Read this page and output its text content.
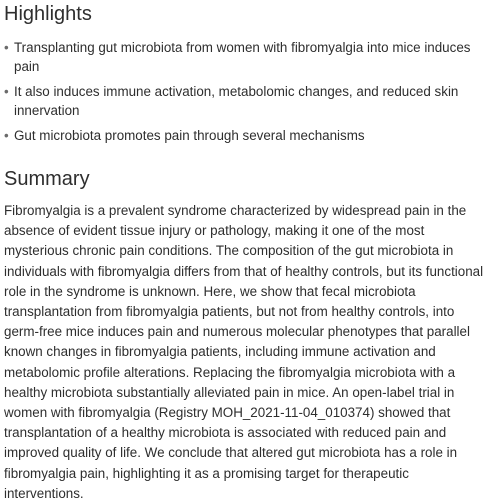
Highlights
• Transplanting gut microbiota from women with fibromyalgia into mice induces pain
• It also induces immune activation, metabolomic changes, and reduced skin innervation
• Gut microbiota promotes pain through several mechanisms
Summary

Fibromyalgia is a prevalent syndrome characterized by widespread pain in the absence of evident tissue injury or pathology, making it one of the most mysterious chronic pain conditions. The composition of the gut microbiota in individuals with fibromyalgia differs from that of healthy controls, but its functional role in the syndrome is unknown. Here, we show that fecal microbiota transplantation from fibromyalgia patients, but not from healthy controls, into germ-free mice induces pain and numerous molecular phenotypes that parallel known changes in fibromyalgia patients, including immune activation and metabolomic profile alterations. Replacing the fibromyalgia microbiota with a healthy microbiota substantially alleviated pain in mice. An open-label trial in women with fibromyalgia (Registry MOH_2021-11-04_010374) showed that transplantation of a healthy microbiota is associated with reduced pain and improved quality of life. We conclude that altered gut microbiota has a role in fibromyalgia pain, highlighting it as a promising target for therapeutic interventions.
